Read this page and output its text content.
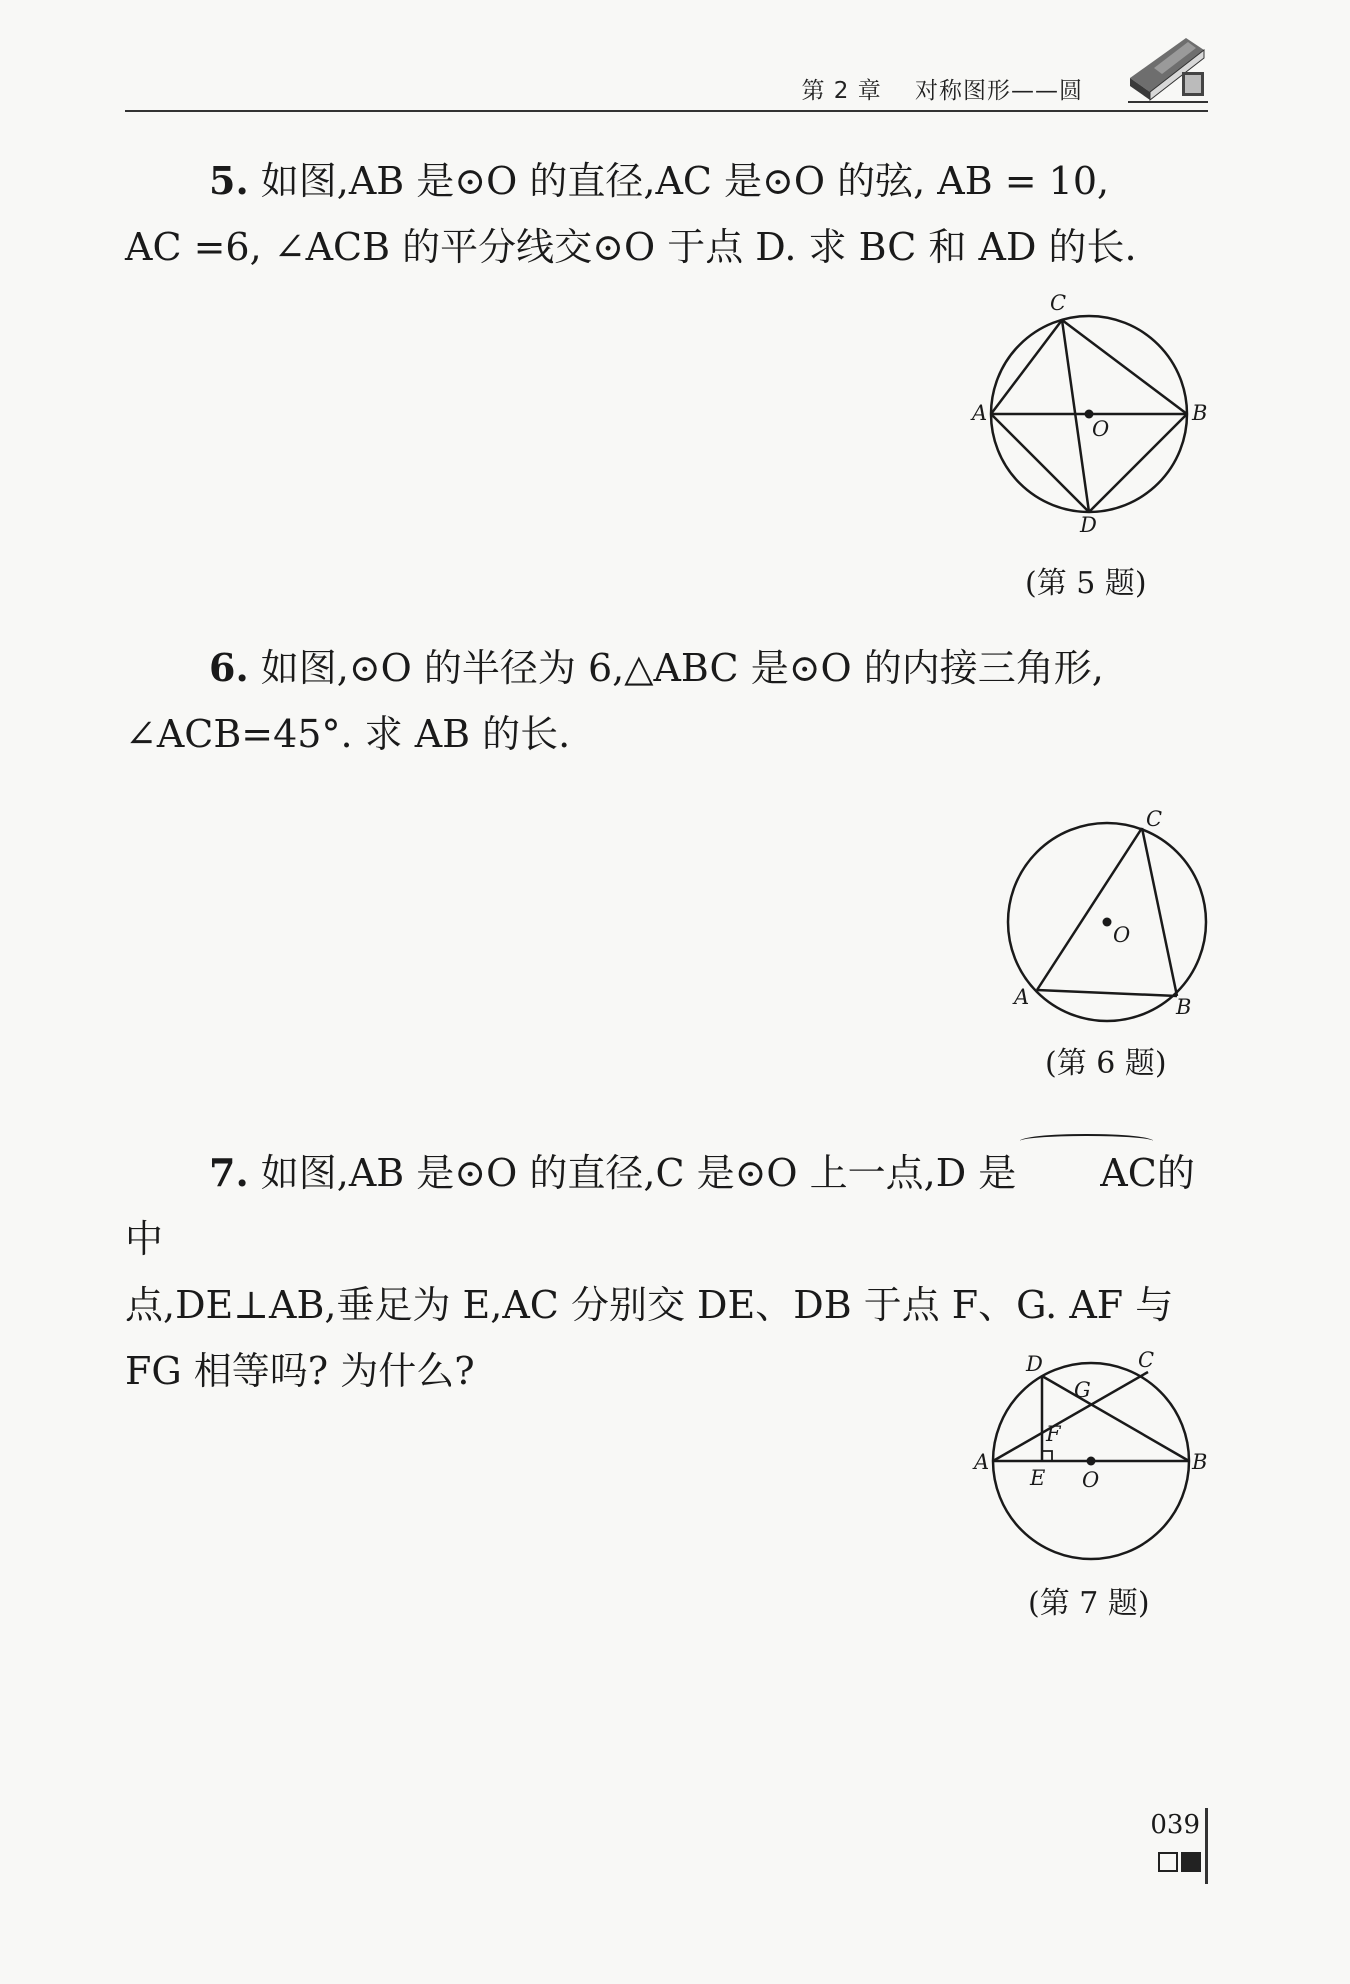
第 2 章 对称图形——圆

5. 如图,AB 是⊙O 的直径,AC 是⊙O 的弦, AB = 10,

AC =6, ∠ACB 的平分线交⊙O 于点 D. 求 BC 和 AD 的长.

C
A	B
O
D
(第 5 题)

6. 如图,⊙O 的半径为 6,△ABC 是⊙O 的内接三角形,

∠ACB=45°. 求 AB 的长.

C
O
A	B
(第 6 题)

7. 如图,AB 是⊙O 的直径,C 是⊙O 上一点,D 是 AC的中

点,DE⊥AB,垂足为 E,AC 分别交 DE、DB 于点 F、G. AF 与

FG 相等吗? 为什么?	D	C
G
F
A
E O
B
(第 7 题)
039
